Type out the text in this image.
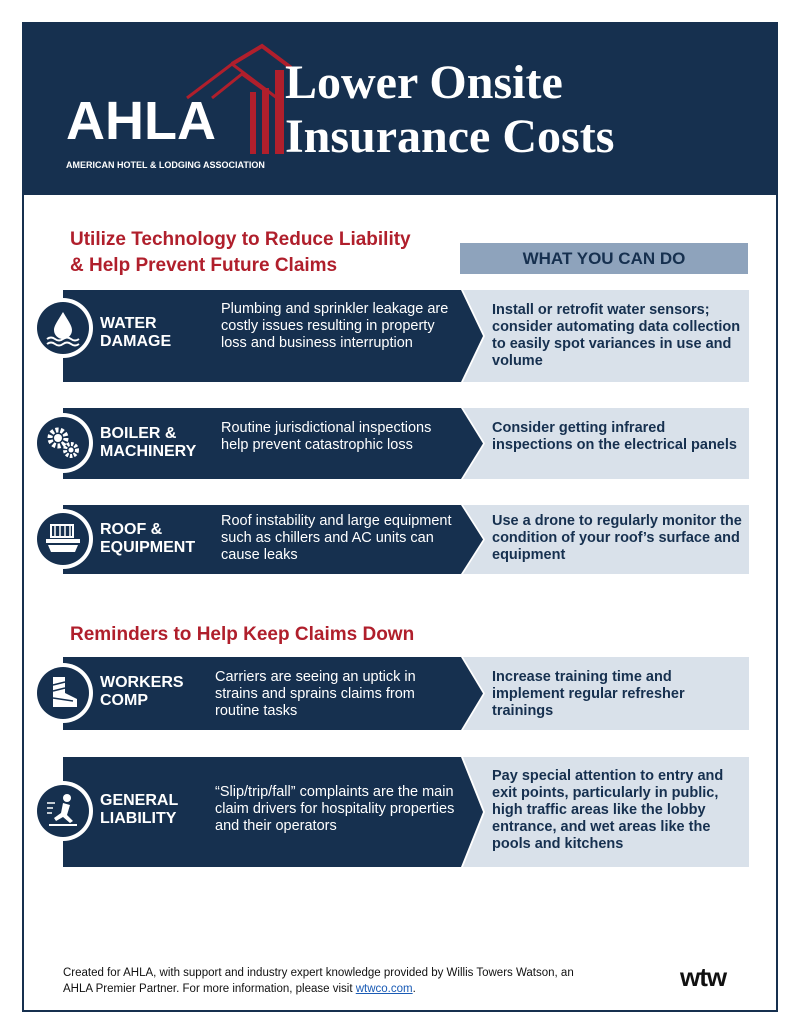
AHLA
AMERICAN HOTEL & LODGING ASSOCIATION
Lower Onsite
Insurance Costs
Utilize Technology to Reduce Liability
& Help Prevent Future Claims	WHAT YOU CAN DO
WATER
DAMAGE
Plumbing and sprinkler leakage are costly issues resulting in property loss and business interruption
Install or retrofit water sensors; consider automating data collection to easily spot variances in use and volume
BOILER &
MACHINERY
Routine jurisdictional inspections help prevent catastrophic loss
Consider getting infrared inspections on the electrical panels
ROOF &
EQUIPMENT
Roof instability and large equipment such as chillers and AC units can cause leaks
Use a drone to regularly monitor the condition of your roof’s surface and equipment
Reminders to Help Keep Claims Down
WORKERS
COMP
Carriers are seeing an uptick in strains and sprains claims from routine tasks
Increase training time and implement regular refresher trainings
GENERAL
LIABILITY
“Slip/trip/fall” complaints are the main claim drivers for hospitality properties and their operators
Pay special attention to entry and exit points, particularly in public, high traffic areas like the lobby entrance, and wet areas like the pools and kitchens
Created for AHLA, with support and industry expert knowledge provided by Willis Towers Watson, an AHLA Premier Partner. For more information, please visit wtwco.com.	wtw
